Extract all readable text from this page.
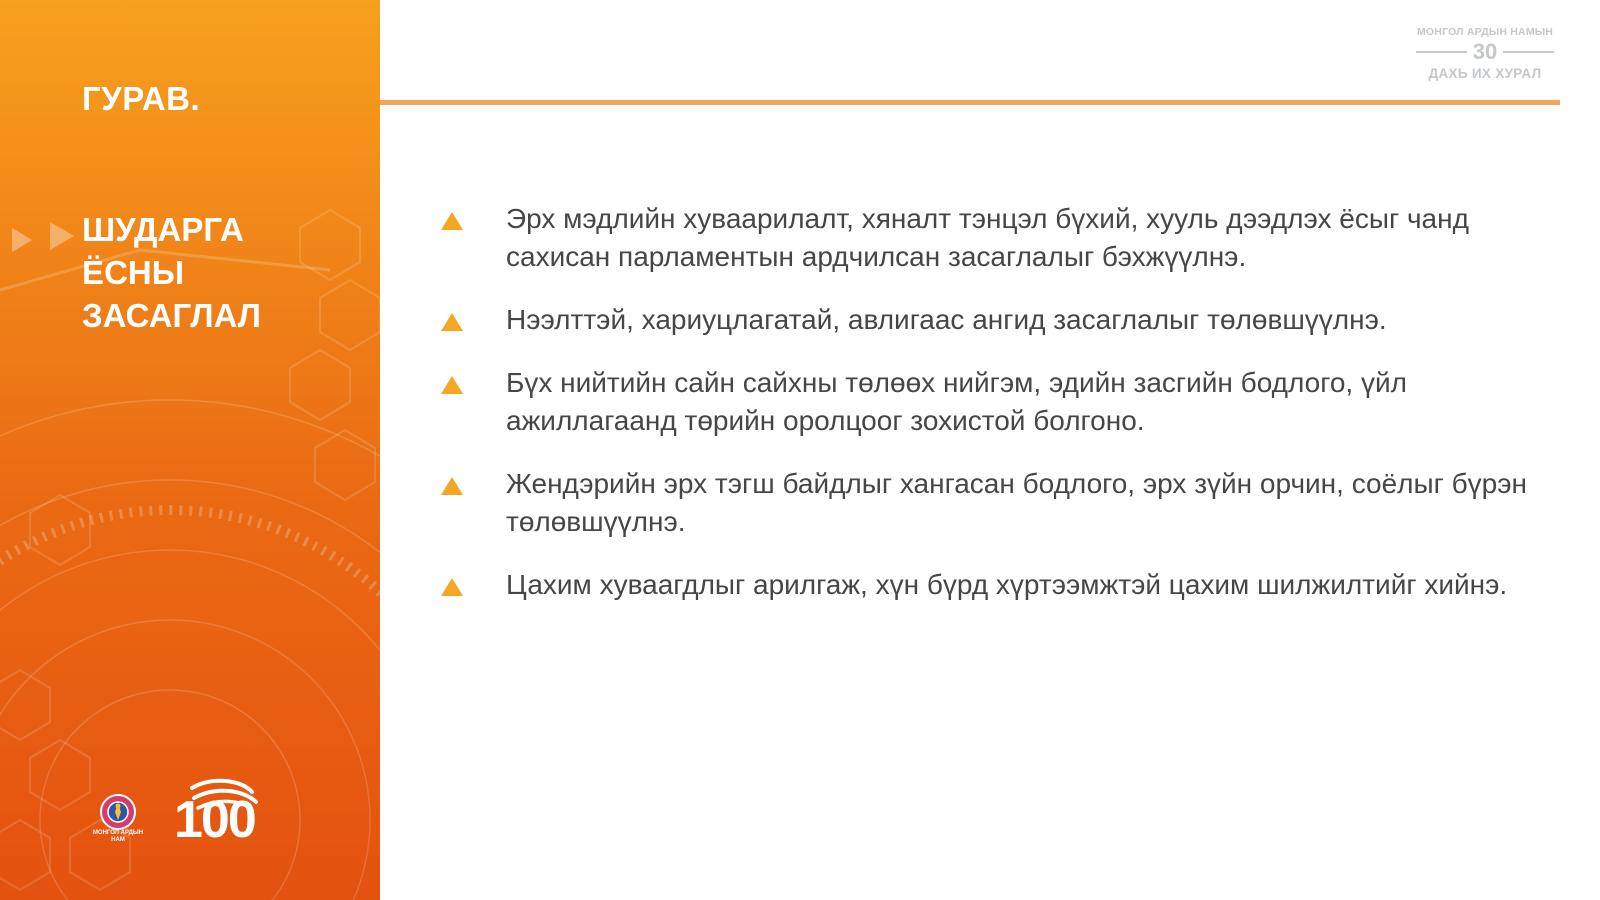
ГУРАВ.
ШУДАРГА ЁСНЫ ЗАСАГЛАЛ
МОНГОЛ АРДЫН НАМ 100
МОНГОЛ АРДЫН НАМЫН
30
ДАХЬ ИХ ХУРАЛ
Эрх мэдлийн хуваарилалт, хяналт тэнцэл бүхий, хууль дээдлэх ёсыг чанд сахисан парламентын ардчилсан засаглалыг бэхжүүлнэ.
Нээлттэй, хариуцлагатай, авлигаас ангид засаглалыг төлөвшүүлнэ.
Бүх нийтийн сайн сайхны төлөөх нийгэм, эдийн засгийн бодлого, үйл ажиллагаанд төрийн оролцоог зохистой болгоно.
Жендэрийн эрх тэгш байдлыг хангасан бодлого, эрх зүйн орчин, соёлыг бүрэн төлөвшүүлнэ.
Цахим хуваагдлыг арилгаж, хүн бүрд хүртээмжтэй цахим шилжилтийг хийнэ.
